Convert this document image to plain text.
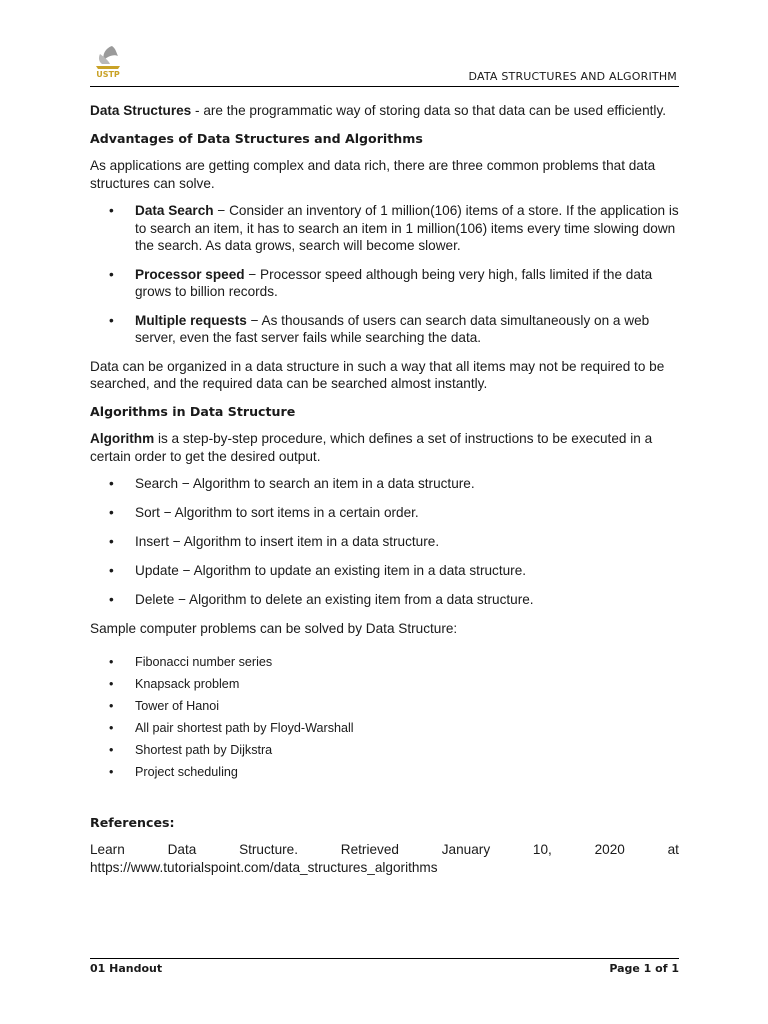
USTP	DATA STRUCTURES AND ALGORITHM

Data Structures - are the programmatic way of storing data so that data can be used efficiently.

Advantages of Data Structures and Algorithms

As applications are getting complex and data rich, there are three common problems that data structures can solve.

• Data Search − Consider an inventory of 1 million(106) items of a store. If the application is to search an item, it has to search an item in 1 million(106) items every time slowing down the search. As data grows, search will become slower.
• Processor speed − Processor speed although being very high, falls limited if the data grows to billion records.
• Multiple requests − As thousands of users can search data simultaneously on a web server, even the fast server fails while searching the data.

Data can be organized in a data structure in such a way that all items may not be required to be searched, and the required data can be searched almost instantly.

Algorithms in Data Structure

Algorithm is a step-by-step procedure, which defines a set of instructions to be executed in a certain order to get the desired output.

• Search − Algorithm to search an item in a data structure.
• Sort − Algorithm to sort items in a certain order.
• Insert − Algorithm to insert item in a data structure.
• Update − Algorithm to update an existing item in a data structure.
• Delete − Algorithm to delete an existing item from a data structure.

Sample computer problems can be solved by Data Structure:

• Fibonacci number series
• Knapsack problem
• Tower of Hanoi
• All pair shortest path by Floyd-Warshall
• Shortest path by Dijkstra
• Project scheduling

References:

Learn	Data	Structure.	Retrieved	January	10,	2020	at

https://www.tutorialspoint.com/data_structures_algorithms

01 Handout	Page 1 of 1
